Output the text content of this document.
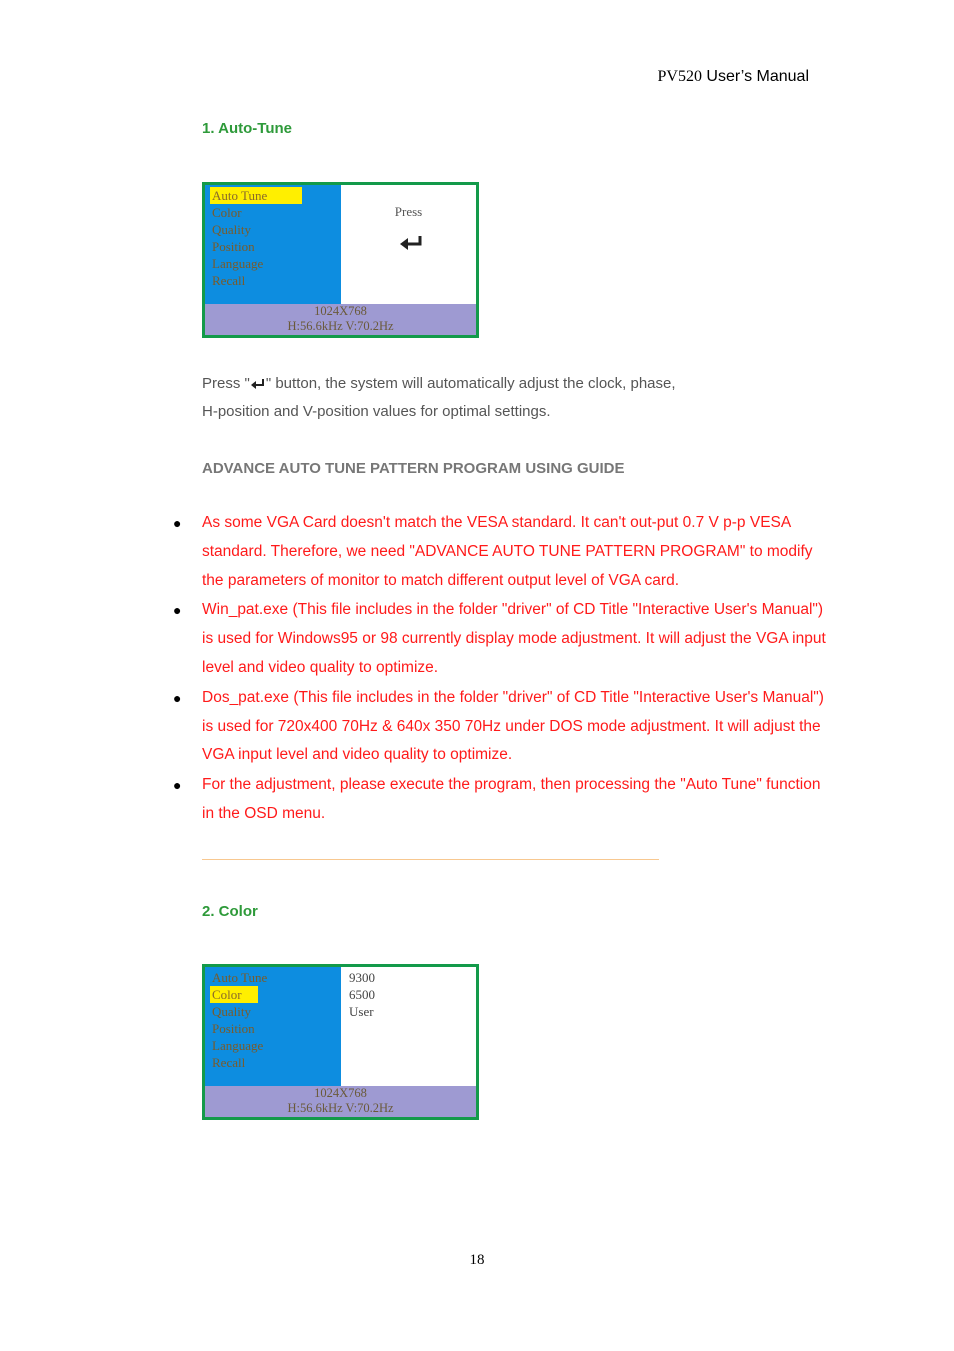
PV520 User’s Manual
1. Auto-Tune
Auto Tune
Color
Quality
Position
Language
Recall
Press
1024X768
H:56.6kHz V:70.2Hz
Press " " button, the system will automatically adjust the clock, phase,
H-position and V-position values for optimal settings.
ADVANCE AUTO TUNE PATTERN PROGRAM USING GUIDE
● As some VGA Card doesn't match the VESA standard. It can't out-put 0.7 V p-p VESA standard. Therefore, we need "ADVANCE AUTO TUNE PATTERN PROGRAM" to modify the parameters of monitor to match different output level of VGA card.
● Win_pat.exe (This file includes in the folder "driver" of CD Title "Interactive User's Manual") is used for Windows95 or 98 currently display mode adjustment. It will adjust the VGA input level and video quality to optimize.
● Dos_pat.exe (This file includes in the folder "driver" of CD Title "Interactive User's Manual") is used for 720x400 70Hz & 640x 350 70Hz under DOS mode adjustment. It will adjust the VGA input level and video quality to optimize.
● For the adjustment, please execute the program, then processing the "Auto Tune" function in the OSD menu.
2. Color
Auto Tune
Color
Quality
Position
Language
Recall
9300
6500
User
1024X768
H:56.6kHz V:70.2Hz
18
